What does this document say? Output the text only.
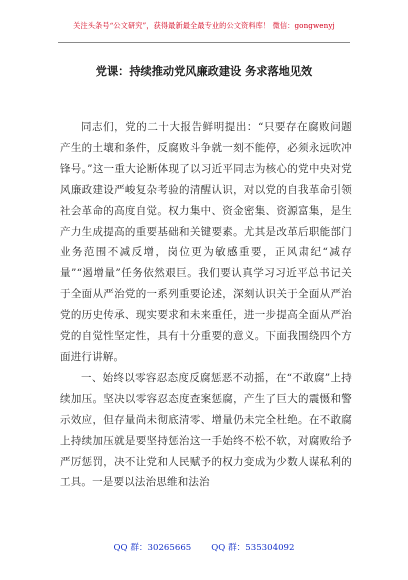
关注头条号“公文研究”，获得最新最全最专业的公文资料库！ 微信：gongwenyj
党课：持续推动党风廉政建设 务求落地见效

同志们，党的二十大报告鲜明提出：“只要存在腐败问题产生的土壤和条件，反腐败斗争就一刻不能停，必须永远吹冲锋号。”这一重大论断体现了以习近平同志为核心的党中央对党风廉政建设严峻复杂考验的清醒认识，对以党的自我革命引领社会革命的高度自觉。权力集中、资金密集、资源富集，是生产力生成提高的重要基础和关键要素。尤其是改革后职能部门业务范围不减反增，岗位更为敏感重要，正风肃纪“减存量”“遏增量”任务依然艰巨。我们要认真学习习近平总书记关于全面从严治党的一系列重要论述，深刻认识关于全面从严治党的历史传承、现实要求和未来重任，进一步提高全面从严治党的自觉性坚定性，具有十分重要的意义。下面我围绕四个方面进行讲解。

一、始终以零容忍态度反腐惩恶不动摇，在“不敢腐”上持续加压。坚决以零容忍态度查案惩腐，产生了巨大的震慑和警示效应，但存量尚未彻底清零、增量仍未完全杜绝。在不敢腐上持续加压就是要坚持惩治这一手始终不松不软，对腐败给予严厉惩罚，决不让党和人民赋予的权力变成为少数人谋私利的工具。一是要以法治思维和法治

QQ 群：30265665 QQ 群：535304092
